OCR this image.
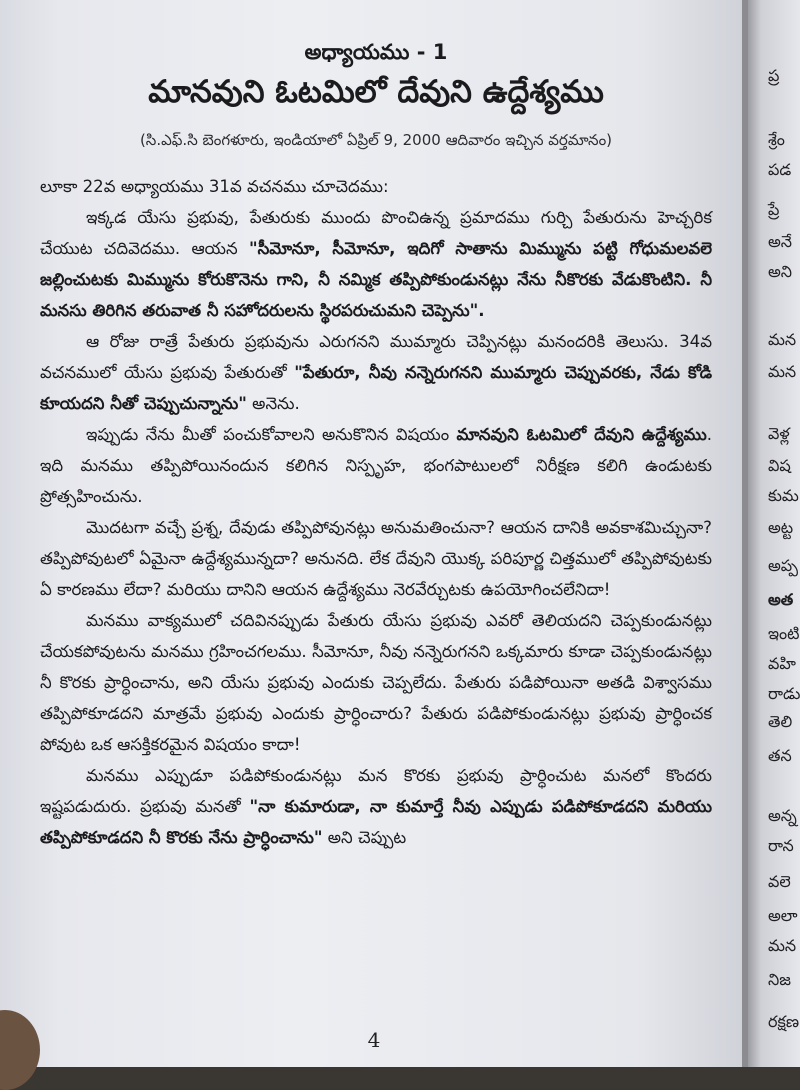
అధ్యాయము - 1

మానవుని ఓటమిలో దేవుని ఉద్దేశ్యము

(సి.ఎఫ్.సి బెంగళూరు, ఇండియాలో ఏప్రిల్ 9, 2000 ఆదివారం ఇచ్చిన వర్తమానం)

లూకా 22వ అధ్యాయము 31వ వచనము చూచెదము:

ఇక్కడ యేసు ప్రభువు, పేతురుకు ముందు పొంచిఉన్న ప్రమాదము గుర్చి పేతురును హెచ్చరిక చేయుట చదివెదము. ఆయన "సీమోనూ, సీమోనూ, ఇదిగో సాతాను మిమ్మును పట్టి గోధుమలవలె జల్లించుటకు మిమ్మును కోరుకొనెను గాని, నీ నమ్మిక తప్పిపోకుండునట్లు నేను నీకొరకు వేడుకొంటిని. నీ మనసు తిరిగిన తరువాత నీ సహోదరులను స్థిరపరుచుమని చెప్పెను".

ఆ రోజు రాత్రే పేతురు ప్రభువును ఎరుగనని ముమ్మారు చెప్పినట్లు మనందరికి తెలుసు. 34వ వచనములో యేసు ప్రభువు పేతురుతో "పేతురూ, నీవు నన్నెరుగనని ముమ్మారు చెప్పువరకు, నేడు కోడి కూయదని నీతో చెప్పుచున్నాను" అనెను.

ఇప్పుడు నేను మీతో పంచుకోవాలని అనుకొనిన విషయం మానవుని ఓటమిలో దేవుని ఉద్దేశ్యము. ఇది మనము తప్పిపోయినందున కలిగిన నిస్పృహ, భంగపాటులలో నిరీక్షణ కలిగి ఉండుటకు ప్రోత్సహించును.

మొదటగా వచ్చే ప్రశ్న, దేవుడు తప్పిపోవునట్లు అనుమతించునా? ఆయన దానికి అవకాశమిచ్చునా? తప్పిపోవుటలో ఏమైనా ఉద్దేశ్యమున్నదా? అనునది. లేక దేవుని యొక్క పరిపూర్ణ చిత్తములో తప్పిపోవుటకు ఏ కారణము లేదా? మరియు దానిని ఆయన ఉద్దేశ్యము నెరవేర్చుటకు ఉపయోగించలేనిదా!

మనము వాక్యములో చదివినప్పుడు పేతురు యేసు ప్రభువు ఎవరో తెలియదని చెప్పకుండునట్లు చేయకపోవుటను మనము గ్రహించగలము. సీమోనూ, నీవు నన్నెరుగనని ఒక్కమారు కూడా చెప్పకుండునట్లు నీ కొరకు ప్రార్ధించాను, అని యేసు ప్రభువు ఎందుకు చెప్పలేదు. పేతురు పడిపోయినా అతడి విశ్వాసము తప్పిపోకూడదని మాత్రమే ప్రభువు ఎందుకు ప్రార్ధించారు? పేతురు పడిపోకుండునట్లు ప్రభువు ప్రార్ధించక పోవుట ఒక ఆసక్తికరమైన విషయం కాదా!

మనము ఎప్పుడూ పడిపోకుండునట్లు మన కొరకు ప్రభువు ప్రార్ధించుట మనలో కొందరు ఇష్టపడుదురు. ప్రభువు మనతో "నా కుమారుడా, నా కుమార్తే నీవు ఎప్పుడు పడిపోకూడదని మరియు తప్పిపోకూడదని నీ కొరకు నేను ప్రార్ధించాను" అని చెప్పుట

4
ప్ర
శ్రేం
పడ
ప్రే
అనే
అని
మన
మన
వెళ్ల
విష
కుమ
అట్ట
అప్ప
అత
ఇంటి
వహి
రాడు
తెలి
తన
అన్న
రాన
వలె
అలా
మన
నిజ
రక్షణ
